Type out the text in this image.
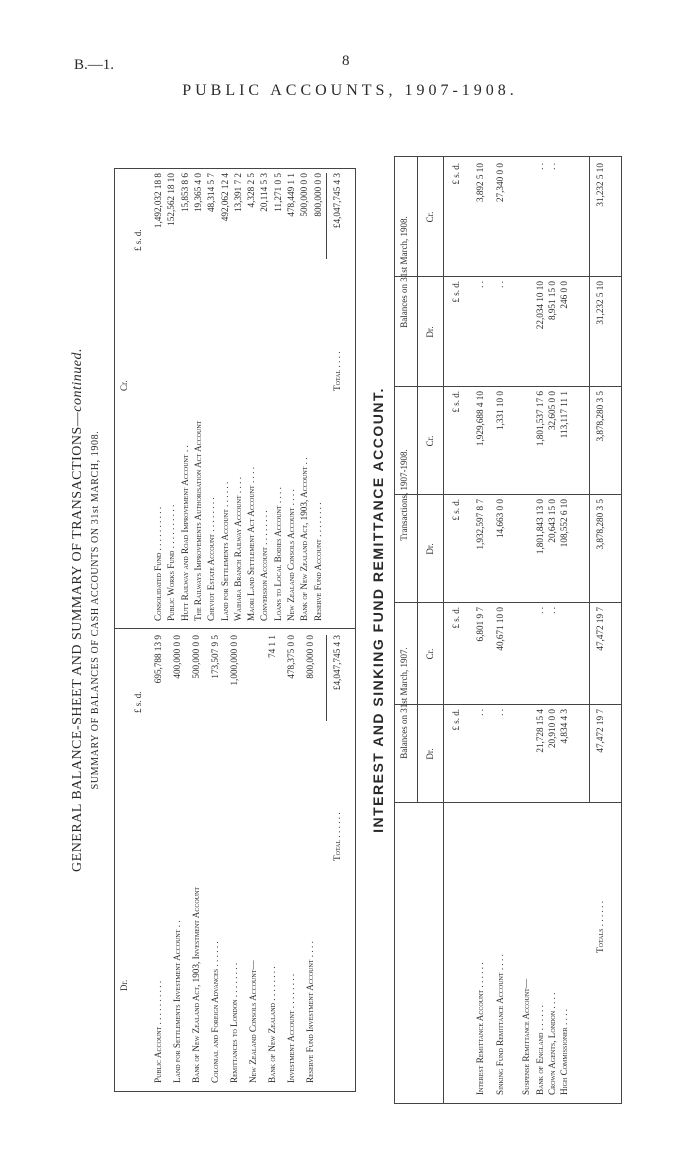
B.—1.	8
PUBLIC ACCOUNTS, 1907-1908.
GENERAL BALANCE-SHEET AND SUMMARY OF TRANSACTIONS—continued.
SUMMARY OF BALANCES OF CASH ACCOUNTS ON 31st MARCH, 1908.
Dr.
Cr.
£ s. d.
£ s. d.
Public Account . . . . . . . . . .
695,788 13 9
Land for Settlements Investment Account . .
400,000 0 0
Bank of New Zealand Act, 1903, Investment Account
500,000 0 0
Colonial and Foreign Advances . . . . . .
173,507 9 5
Remittances to London . . . . . . . .
1,000,000 0 0
New Zealand Consols Account— Bank of New Zealand . . . . . . . .
74 1 1
Investment Account . . . . . . . .
478,375 0 0
Reserve Fund Investment Account . . . .
800,000 0 0
Consolidated Fund . . . . . . . . . .
1,492,032 18 8
Public Works Fund . . . . . . . . . .
152,562 18 10
Hutt Railway and Road Improvement Account . .
15,853 8 6
The Railways Improvements Authorisation Act Account
19,365 4 0
Cheviot Estate Account . . . . . . . .
48,314 5 7
Land for Settlements Account . . . . . .
492,062 12 4
Waihara Branch Railway Account . . . .
13,391 7 2
Maori Land Settlement Act Account . . . .
4,328 2 5
Conversion Account . . . . . . . .
20,114 5 3
Loans to Local Bodies Account . . . .
11,271 0 5
New Zealand Consols Account . . . .
478,449 1 1
Bank of New Zealand Act, 1903, Account . .
500,000 0 0
Reserve Fund Account . . . . . . . .
800,000 0 0
Total . . . . . .
£4,047,745 4 3
Total . . . .
£4,047,745 4 3
INTEREST AND SINKING FUND REMITTANCE ACCOUNT. Balances on 31st March, 1907.
Transactions, 1907-1908.
Balances on 31st March, 1908.
Dr.
Cr.
Dr.
Cr.
Dr.
Cr.
£ s. d.
£ s. d.
£ s. d.
£ s. d.
£ s. d.
£ s. d.
Interest Remittance Account . . . . . .
. .
6,801 9 7
1,932,597 8 7
1,929,688 4 10
. .
3,892 5 10
Sinking Fund Remittance Account . . . .
. .
40,671 10 0
14,663 0 0
1,331 10 0
. .
27,340 0 0
Suspense Remittance Account— Bank of England . . . . . .
21,728 15 4
. .
1,801,843 13 0
1,801,537 17 6
22,034 10 10
. .
Crown Agents, London . . . .
20,910 0 0
. .
20,643 15 0
32,605 0 0
8,951 15 0
. .
High Commissioner . . . .
4,834 4 3
108,552 6 10
113,117 11 1
246 0 0
Totals . . . . . .
47,472 19 7
47,472 19 7
3,878,280 3 5
3,878,280 3 5
31,232 5 10
31,232 5 10
